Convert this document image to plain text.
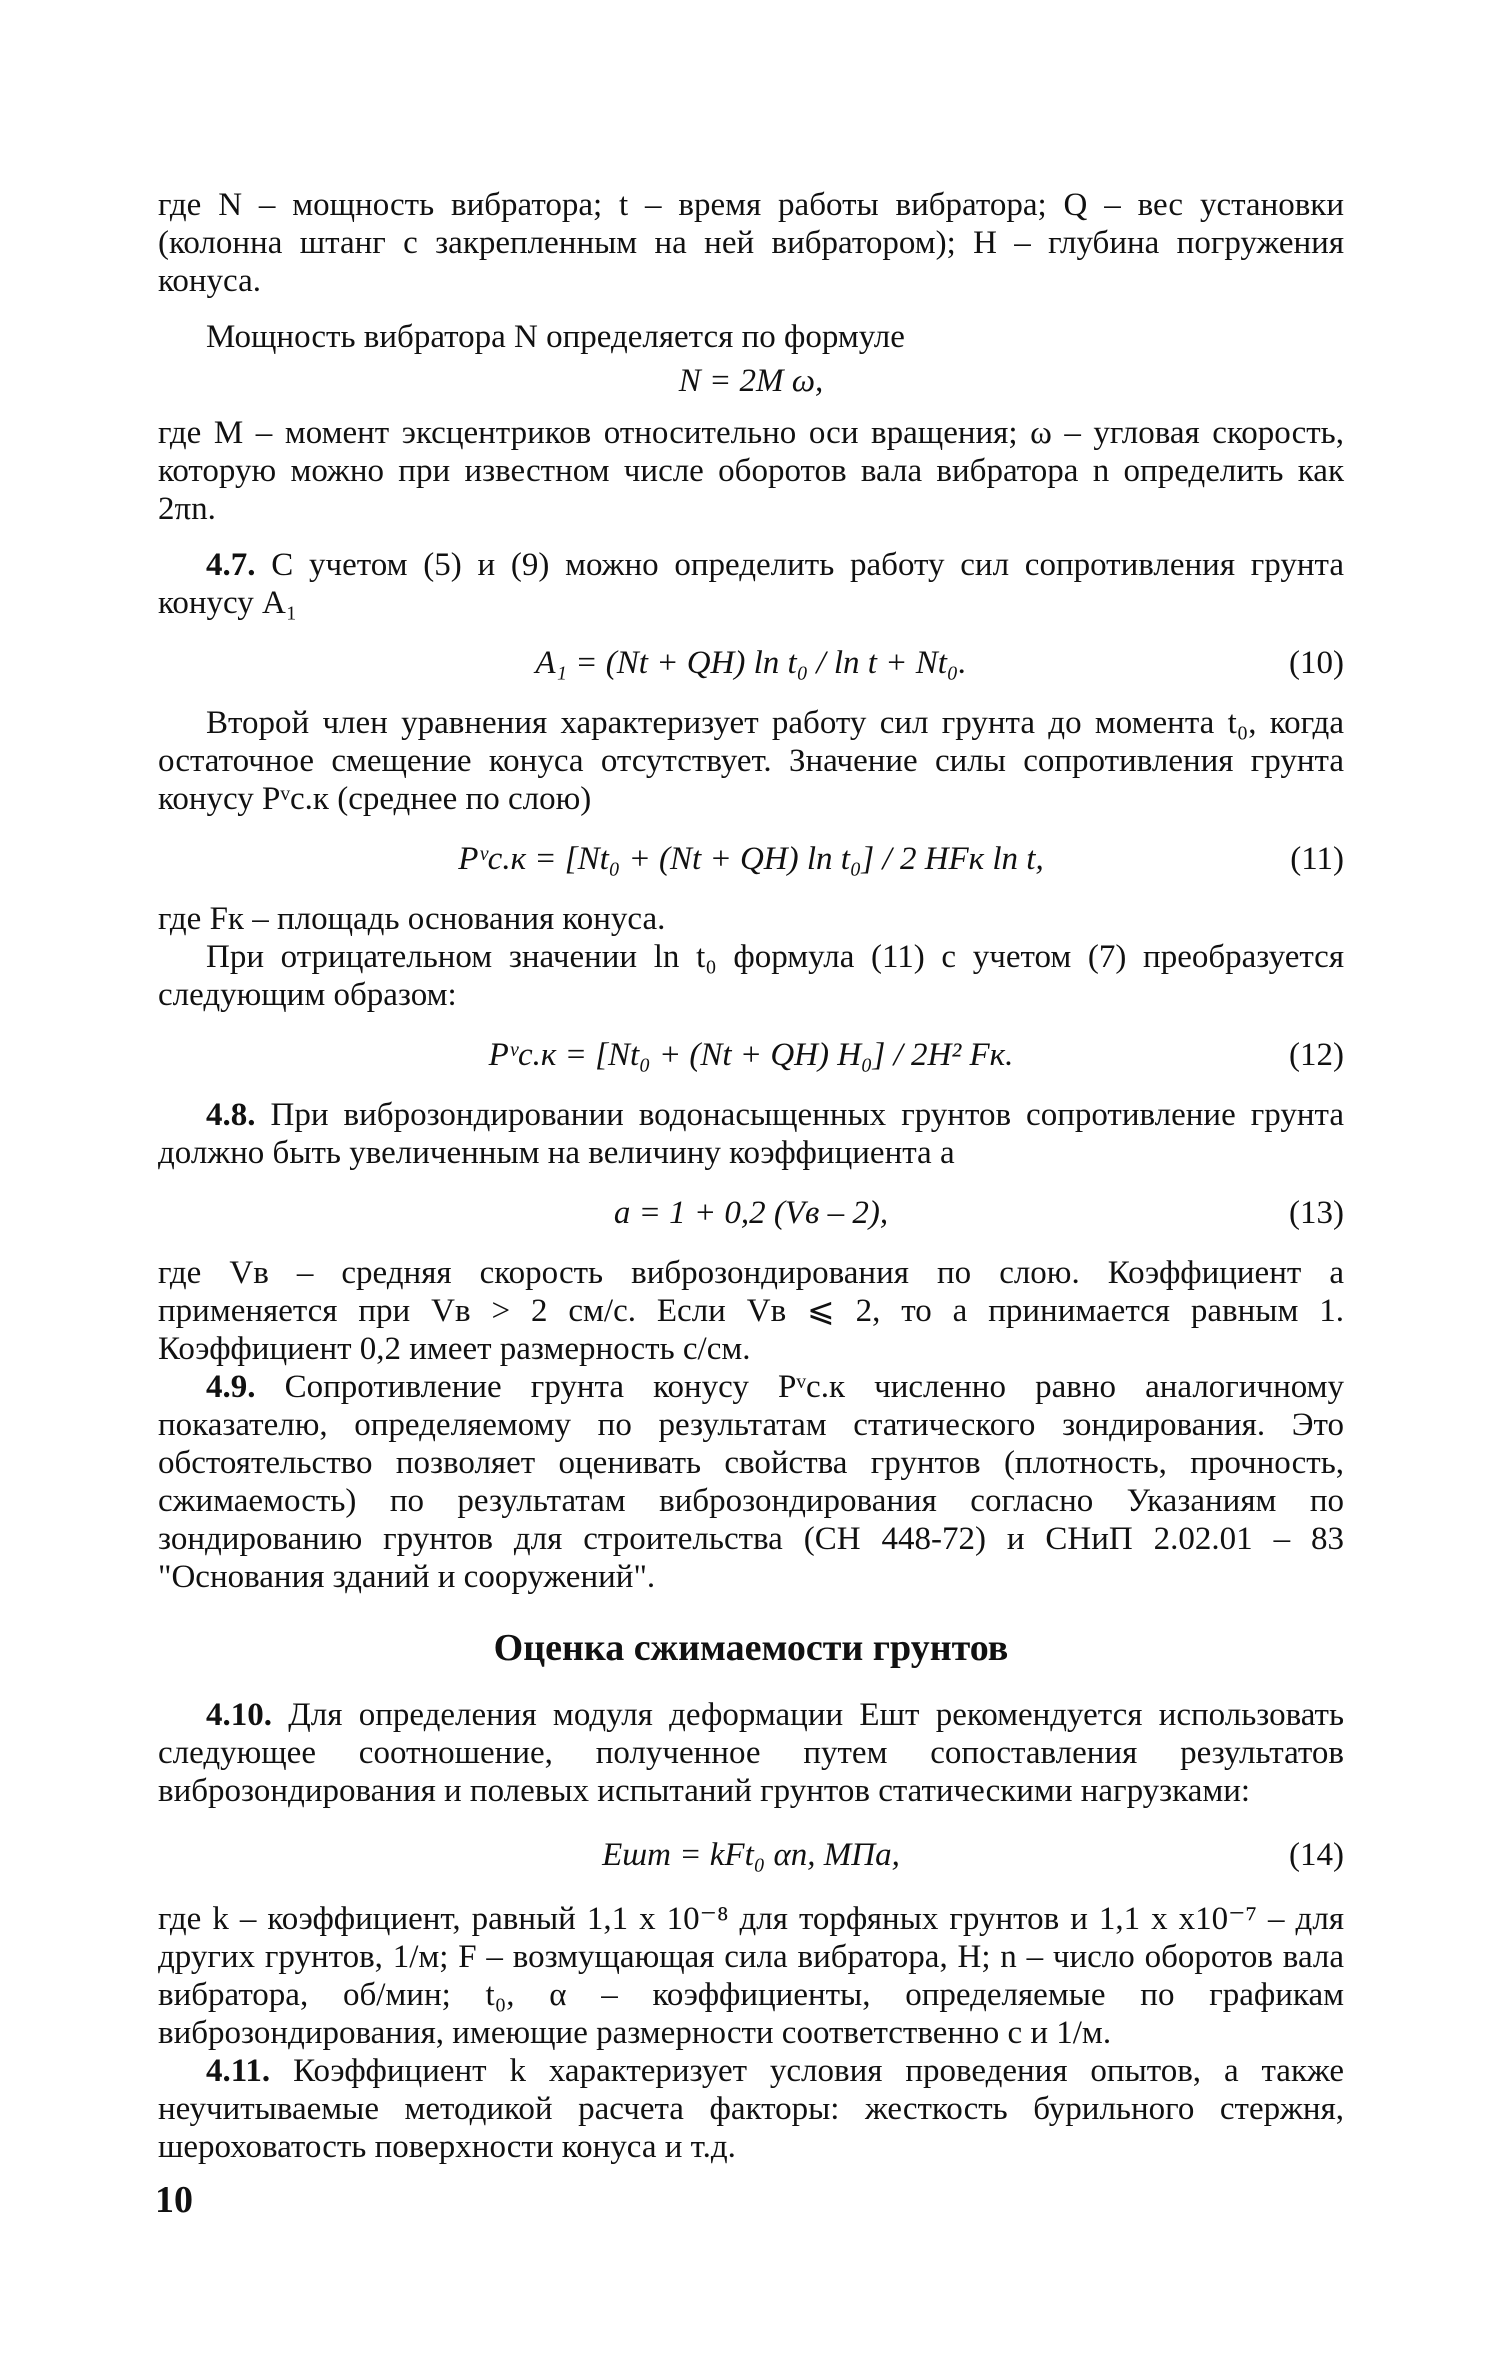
где N – мощность вибратора; t – время работы вибратора; Q – вес установки (колонна штанг с закрепленным на ней вибратором); H – глубина погружения конуса.

Мощность вибратора N определяется по формуле

N = 2M ω,

где M – момент эксцентриков относительно оси вращения; ω – угловая скорость, которую можно при известном числе оборотов вала вибратора n определить как 2πn.

4.7. С учетом (5) и (9) можно определить работу сил сопротивления грунта конусу A₁

A₁ = (Nt + QH) ln t₀ / ln t + Nt₀.	(10)

Второй член уравнения характеризует работу сил грунта до момента t₀, когда остаточное смещение конуса отсутствует. Значение силы сопротивления грунта конусу Pᵛс.к (среднее по слою)

Pᵛс.к = [Nt₀ + (Nt + QH) ln t₀] / 2 HFк ln t,	(11)

где Fк – площадь основания конуса.

При отрицательном значении ln t₀ формула (11) с учетом (7) преобразуется следующим образом:

Pᵛс.к = [Nt₀ + (Nt + QH) H₀] / 2H² Fк.	(12)

4.8. При виброзондировании водонасыщенных грунтов сопротивление грунта должно быть увеличенным на величину коэффициента a

a = 1 + 0,2 (Vв – 2),	(13)

где Vв – средняя скорость виброзондирования по слою. Коэффициент a применяется при Vв > 2 см/с. Если Vв ⩽ 2, то a принимается равным 1. Коэффициент 0,2 имеет размерность с/см.

4.9. Сопротивление грунта конусу Pᵛс.к численно равно аналогичному показателю, определяемому по результатам статического зондирования. Это обстоятельство позволяет оценивать свойства грунтов (плотность, прочность, сжимаемость) по результатам виброзондирования согласно Указаниям по зондированию грунтов для строительства (СН 448-72) и СНиП 2.02.01 – 83 "Основания зданий и сооружений".

Оценка сжимаемости грунтов

4.10. Для определения модуля деформации Eшт рекомендуется использовать следующее соотношение, полученное путем сопоставления результатов виброзондирования и полевых испытаний грунтов статическими нагрузками:

Eшт = kFt₀ αn, МПа,	(14)

где k – коэффициент, равный 1,1 x 10⁻⁸ для торфяных грунтов и 1,1 x x10⁻⁷ – для других грунтов, 1/м; F – возмущающая сила вибратора, Н; n – число оборотов вала вибратора, об/мин; t₀, α – коэффициенты, определяемые по графикам виброзондирования, имеющие размерности соответственно с и 1/м.

4.11. Коэффициент k характеризует условия проведения опытов, а также неучитываемые методикой расчета факторы: жесткость бурильного стержня, шероховатость поверхности конуса и т.д.

10
